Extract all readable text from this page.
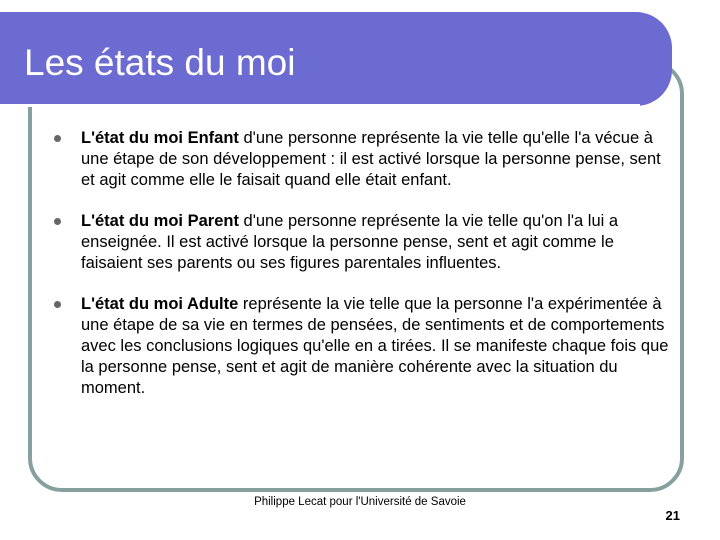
Les états du moi
L'état du moi Enfant d'une personne représente la vie telle qu'elle l'a vécue à une étape de son développement : il est activé lorsque la personne pense, sent et agit comme elle le faisait quand elle était enfant.
L'état du moi Parent d'une personne représente la vie telle qu'on l'a lui a enseignée. Il est activé lorsque la personne pense, sent et agit comme le faisaient ses parents ou ses figures parentales influentes.
L'état du moi Adulte représente la vie telle que la personne l'a expérimentée à une étape de sa vie en termes de pensées, de sentiments et de comportements avec les conclusions logiques qu'elle en a tirées. Il se manifeste chaque fois que la personne pense, sent et agit de manière cohérente avec la situation du moment.
Philippe Lecat pour l'Université de Savoie
21
